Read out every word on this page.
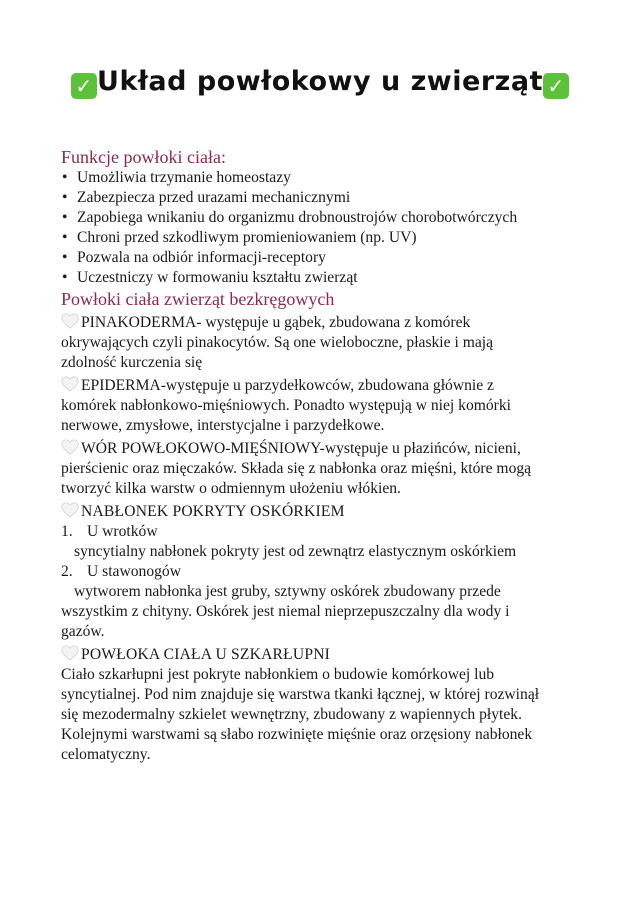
✓ Układ powłokowy u zwierząt ✓
Funkcje powłoki ciała:
• Umożliwia trzymanie homeostazy
• Zabezpiecza przed urazami mechanicznymi
• Zapobiega wnikaniu do organizmu drobnoustrojów chorobotwórczych
• Chroni przed szkodliwym promieniowaniem (np. UV)
• Pozwala na odbiór informacji-receptory
• Uczestniczy w formowaniu kształtu zwierząt
Powłoki ciała zwierząt bezkręgowych
PINAKODERMA- występuje u gąbek, zbudowana z komórek
okrywających czyli pinakocytów. Są one wieloboczne, płaskie i mają
zdolność kurczenia się
EPIDERMA-występuje u parzydełkowców, zbudowana głównie z
komórek nabłonkowo-mięśniowych. Ponadto występują w niej komórki
nerwowe, zmysłowe, interstycjalne i parzydełkowe.
WÓR POWŁOKOWO-MIĘŚNIOWY-występuje u płazińców, nicieni,
pierścienic oraz mięczaków. Składa się z nabłonka oraz mięśni, które mogą
tworzyć kilka warstw o odmiennym ułożeniu włókien.
NABŁONEK POKRYTY OSKÓRKIEM
1. U wrotków
syncytialny nabłonek pokryty jest od zewnątrz elastycznym oskórkiem
2. U stawonogów
wytworem nabłonka jest gruby, sztywny oskórek zbudowany przede
wszystkim z chityny. Oskórek jest niemal nieprzepuszczalny dla wody i
gazów.
POWŁOKA CIAŁA U SZKARŁUPNI
Ciało szkarłupni jest pokryte nabłonkiem o budowie komórkowej lub
syncytialnej. Pod nim znajduje się warstwa tkanki łącznej, w której rozwinął
się mezodermalny szkielet wewnętrzny, zbudowany z wapiennych płytek.
Kolejnymi warstwami są słabo rozwinięte mięśnie oraz orzęsiony nabłonek
celomatyczny.
